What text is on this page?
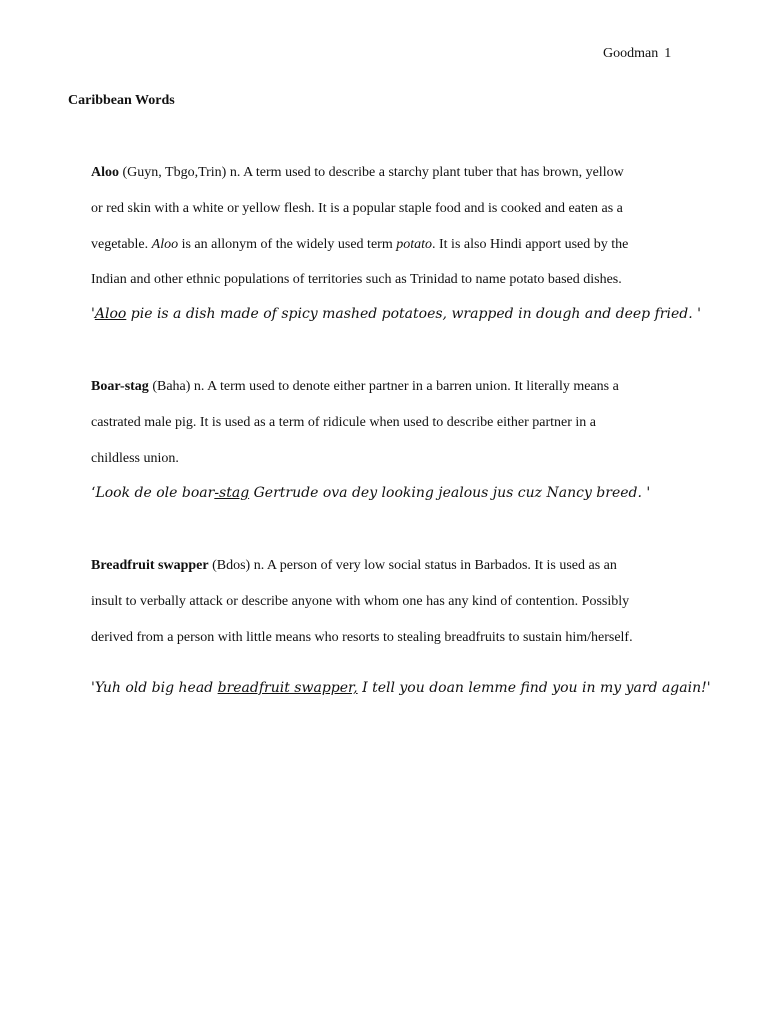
Goodman 1
Caribbean Words
Aloo (Guyn, Tbgo,Trin) n. A term used to describe a starchy plant tuber that has brown, yellow
or red skin with a white or yellow flesh. It is a popular staple food and is cooked and eaten as a
vegetable. Aloo is an allonym of the widely used term potato. It is also Hindi apport used by the
Indian and other ethnic populations of territories such as Trinidad to name potato based dishes.
'Aloo pie is a dish made of spicy mashed potatoes, wrapped in dough and deep fried. '
Boar-stag (Baha) n. A term used to denote either partner in a barren union. It literally means a
castrated male pig. It is used as a term of ridicule when used to describe either partner in a
childless union.
‘Look de ole boar-stag Gertrude ova dey looking jealous jus cuz Nancy breed. '
Breadfruit swapper (Bdos) n. A person of very low social status in Barbados. It is used as an
insult to verbally attack or describe anyone with whom one has any kind of contention. Possibly
derived from a person with little means who resorts to stealing breadfruits to sustain him/herself.
'Yuh old big head breadfruit swapper, I tell you doan lemme find you in my yard again!'
